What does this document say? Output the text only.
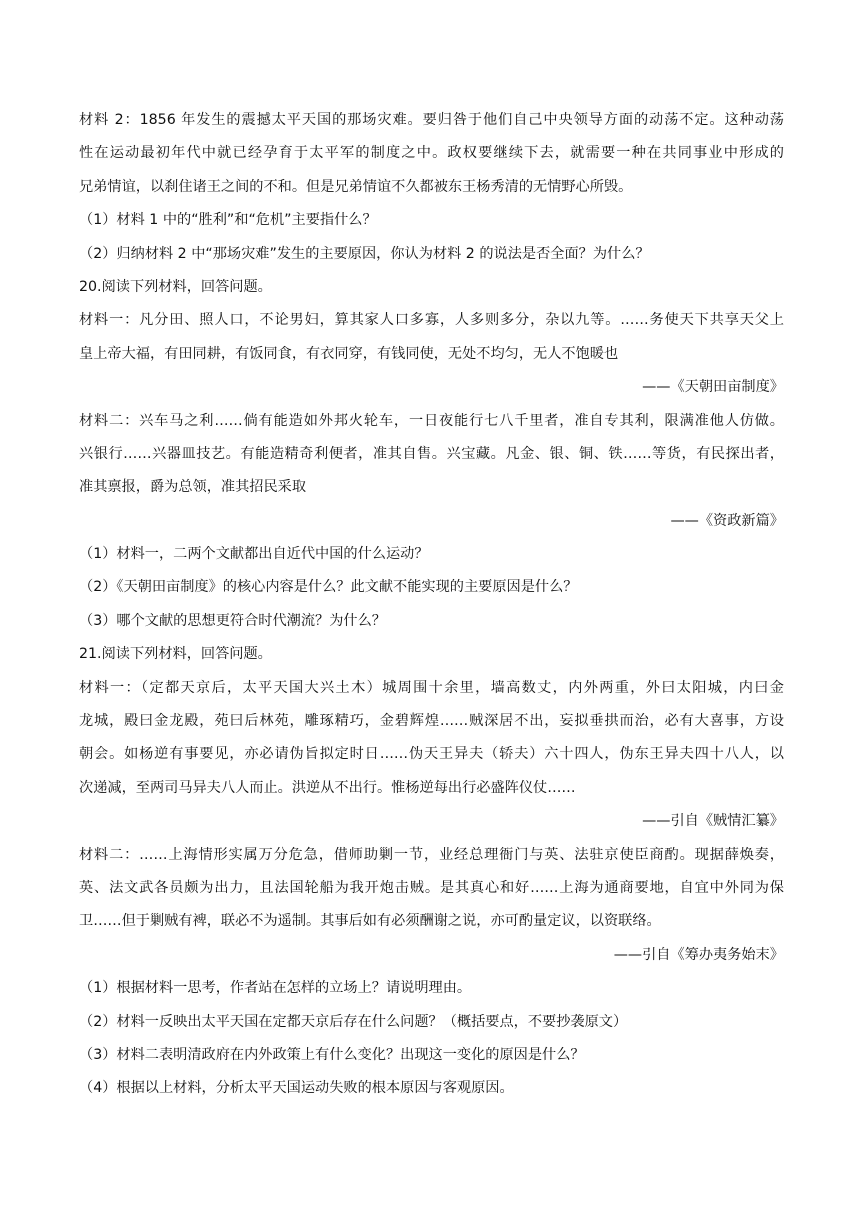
材料 2：1856 年发生的震撼太平天国的那场灾难。要归咎于他们自己中央领导方面的动荡不定。这种动荡
性在运动最初年代中就已经孕育于太平军的制度之中。政权要继续下去，就需要一种在共同事业中形成的
兄弟情谊，以刹住诸王之间的不和。但是兄弟情谊不久都被东王杨秀清的无情野心所毁。
（1）材料 1 中的“胜利”和“危机”主要指什么？
（2）归纳材料 2 中“那场灾难”发生的主要原因，你认为材料 2 的说法是否全面？为什么？
20.阅读下列材料，回答问题。
材料一：凡分田、照人口，不论男妇，算其家人口多寡，人多则多分，杂以九等。……务使天下共享天父上
皇上帝大福，有田同耕，有饭同食，有衣同穿，有钱同使，无处不均匀，无人不饱暖也
——《天朝田亩制度》
材料二：兴车马之利……倘有能造如外邦火轮车，一日夜能行七八千里者，准自专其利，限满准他人仿做。
兴银行……兴器皿技艺。有能造精奇利便者，准其自售。兴宝藏。凡金、银、铜、铁……等货，有民探出者，
准其禀报，爵为总领，准其招民采取
——《资政新篇》
（1）材料一，二两个文献都出自近代中国的什么运动？
（2）《天朝田亩制度》的核心内容是什么？此文献不能实现的主要原因是什么？
（3）哪个文献的思想更符合时代潮流？为什么？
21.阅读下列材料，回答问题。
材料一：（定都天京后，太平天国大兴土木）城周围十余里，墙高数丈，内外两重，外曰太阳城，内曰金
龙城，殿曰金龙殿，苑曰后林苑，雕琢精巧，金碧辉煌……贼深居不出，妄拟垂拱而治，必有大喜事，方设
朝会。如杨逆有事要见，亦必请伪旨拟定时日……伪天王异夫（轿夫）六十四人，伪东王异夫四十八人，以
次递减，至两司马异夫八人而止。洪逆从不出行。惟杨逆每出行必盛阵仪仗……
——引自《贼情汇纂》
材料二：……上海情形实属万分危急，借师助剿一节，业经总理衙门与英、法驻京使臣商酌。现据薛焕奏，
英、法文武各员颇为出力，且法国轮船为我开炮击贼。是其真心和好……上海为通商要地，自宜中外同为保
卫……但于剿贼有裨，联必不为遥制。其事后如有必须酬谢之说，亦可酌量定议，以资联络。
——引自《筹办夷务始末》
（1）根据材料一思考，作者站在怎样的立场上？请说明理由。
（2）材料一反映出太平天国在定都天京后存在什么问题？（概括要点，不要抄袭原文）
（3）材料二表明清政府在内外政策上有什么变化？出现这一变化的原因是什么？
（4）根据以上材料，分析太平天国运动失败的根本原因与客观原因。
